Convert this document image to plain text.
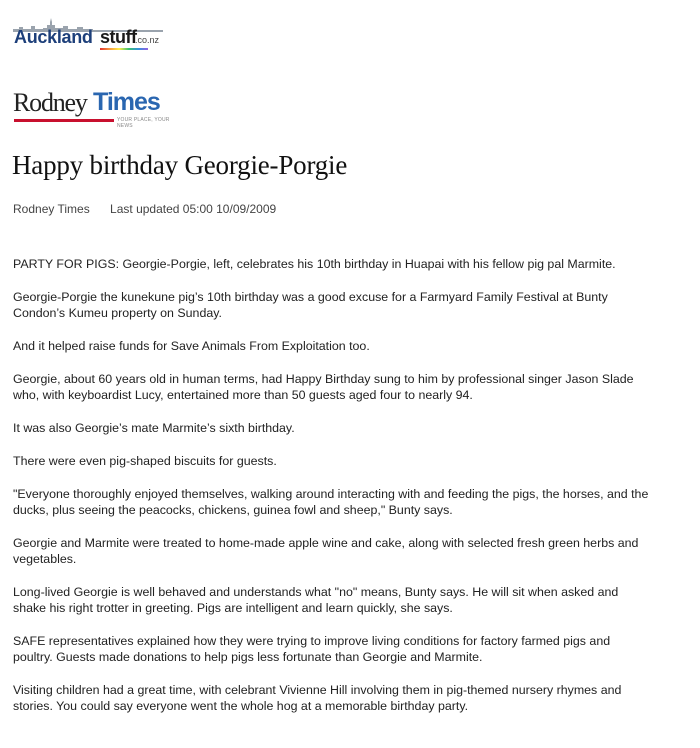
Auckland stuff
.co.nz
Rodney Times
YOUR PLACE, YOUR NEWS
Happy birthday Georgie-Porgie
Rodney Times Last updated 05:00 10/09/2009

PARTY FOR PIGS: Georgie-Porgie, left, celebrates his 10th birthday in Huapai with his fellow pig pal Marmite.

Georgie-Porgie the kunekune pig’s 10th birthday was a good excuse for a Farmyard Family Festival at Bunty Condon’s Kumeu property on Sunday.

And it helped raise funds for Save Animals From Exploitation too.

Georgie, about 60 years old in human terms, had Happy Birthday sung to him by professional singer Jason Slade who, with keyboardist Lucy, entertained more than 50 guests aged four to nearly 94.

It was also Georgie’s mate Marmite’s sixth birthday.

There were even pig-shaped biscuits for guests.

"Everyone thoroughly enjoyed themselves, walking around interacting with and feeding the pigs, the horses, and the ducks, plus seeing the peacocks, chickens, guinea fowl and sheep," Bunty says.

Georgie and Marmite were treated to home-made apple wine and cake, along with selected fresh green herbs and vegetables.

Long-lived Georgie is well behaved and understands what "no" means, Bunty says. He will sit when asked and shake his right trotter in greeting. Pigs are intelligent and learn quickly, she says.

SAFE representatives explained how they were trying to improve living conditions for factory farmed pigs and poultry. Guests made donations to help pigs less fortunate than Georgie and Marmite.

Visiting children had a great time, with celebrant Vivienne Hill involving them in pig-themed nursery rhymes and stories. You could say everyone went the whole hog at a memorable birthday party.
